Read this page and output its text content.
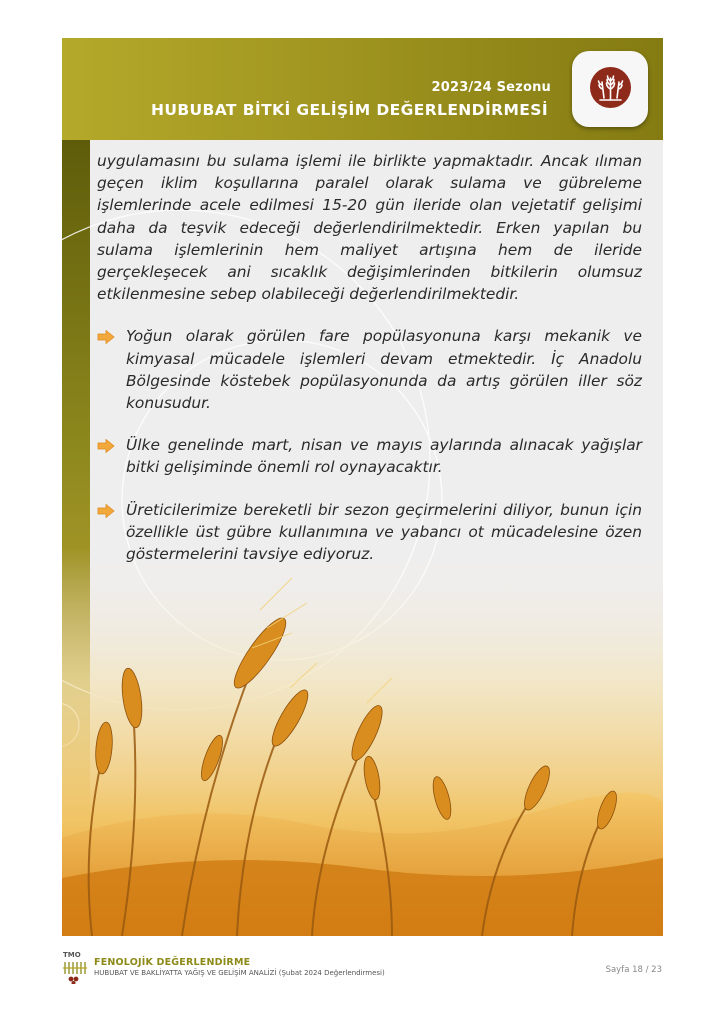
2023/24 Sezonu
HUBUBAT BİTKİ GELİŞİM DEĞERLENDİRMESİ

uygulamasını bu sulama işlemi ile birlikte yapmaktadır. Ancak ılıman geçen iklim koşullarına paralel olarak sulama ve gübreleme işlemlerinde acele edilmesi 15-20 gün ileride olan vejetatif gelişimi daha da teşvik edeceği değerlendirilmektedir. Erken yapılan bu sulama işlemlerinin hem maliyet artışına hem de ileride gerçekleşecek ani sıcaklık değişimlerinden bitkilerin olumsuz etkilenmesine sebep olabileceği değerlendirilmektedir.

Yoğun olarak görülen fare popülasyonuna karşı mekanik ve kimyasal mücadele işlemleri devam etmektedir. İç Anadolu Bölgesinde köstebek popülasyonunda da artış görülen iller söz konusudur.

Ülke genelinde mart, nisan ve mayıs aylarında alınacak yağışlar bitki gelişiminde önemli rol oynayacaktır.

Üreticilerimize bereketli bir sezon geçirmelerini diliyor, bunun için özellikle üst gübre kullanımına ve yabancı ot mücadelesine özen göstermelerini tavsiye ediyoruz.

TMO
FENOLOJİK DEĞERLENDİRME
HUBUBAT VE BAKLİYATTA YAĞIŞ VE GELİŞİM ANALİZİ (Şubat 2024 Değerlendirmesi)	Sayfa 18 / 23
